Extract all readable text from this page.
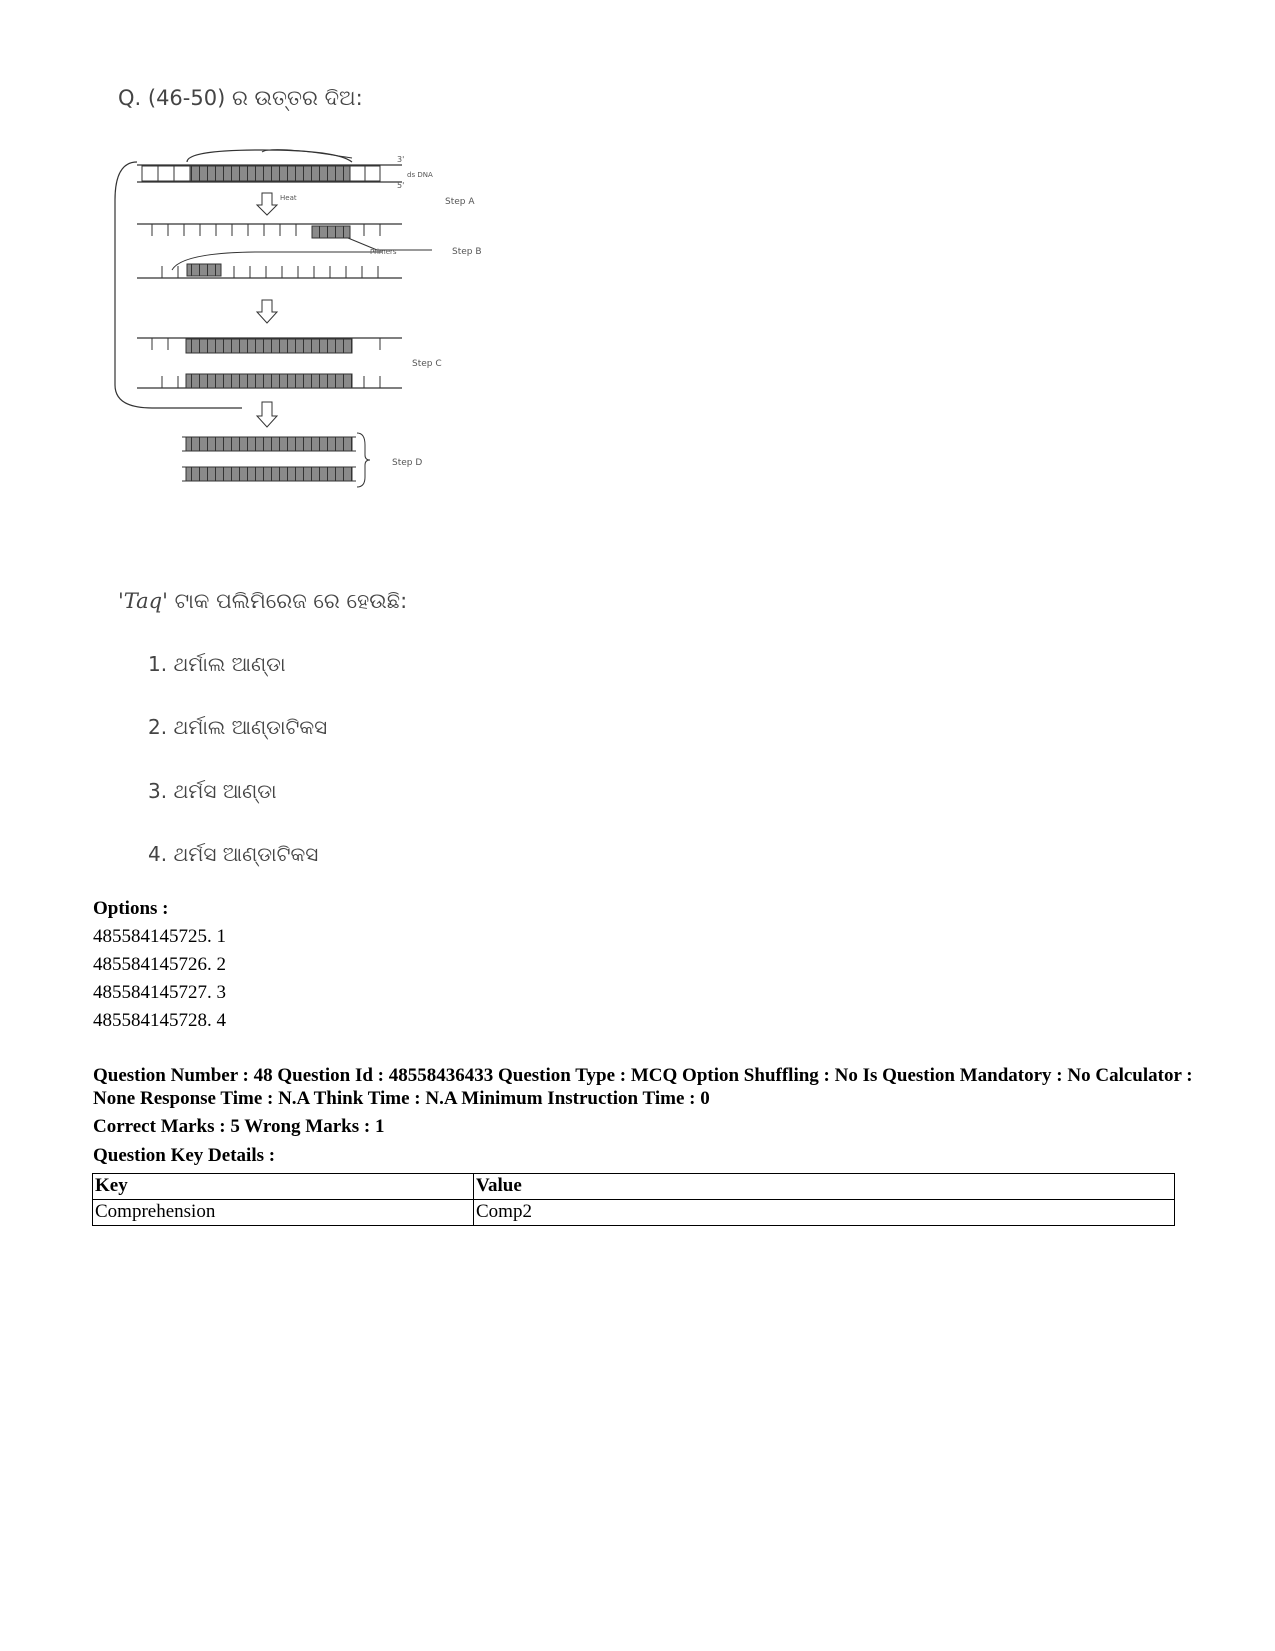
Q. (46-50) ର ଉତ୍ତର ଦିଅ:
3'
5'
ds DNA
Heat	Step A
Primers	Step B
Step C
Step D
'Taq' ଟାକ ପଲିମିରେଜ ରେ ହେଉଛି:
1. ଥର୍ମାଲ ଆଣ୍ଡା
2. ଥର୍ମାଲ ଆଣ୍ଡାଟିକସ
3. ଥର୍ମସ ଆଣ୍ଡା
4. ଥର୍ମସ ଆଣ୍ଡାଟିକସ
Options :
485584145725. 1
485584145726. 2
485584145727. 3
485584145728. 4
Question Number : 48 Question Id : 48558436433 Question Type : MCQ Option Shuffling : No Is Question Mandatory : No Calculator : None Response Time : N.A Think Time : N.A Minimum Instruction Time : 0
Correct Marks : 5 Wrong Marks : 1
Question Key Details :
Key	Value
Comprehension	Comp2
